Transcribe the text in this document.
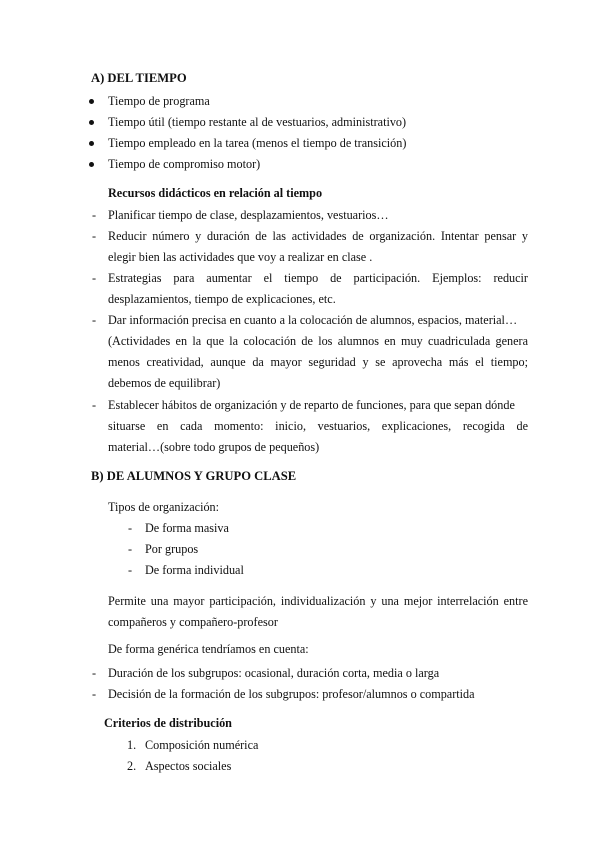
A) DEL TIEMPO
Tiempo de programa
Tiempo útil (tiempo restante al de vestuarios, administrativo)
Tiempo empleado en la tarea (menos el tiempo de transición)
Tiempo de compromiso motor)
Recursos didácticos en relación al tiempo
- Planificar tiempo de clase, desplazamientos, vestuarios…
- Reducir número y duración de las actividades de organización. Intentar pensar y
elegir bien las actividades que voy a realizar en clase .
- Estrategias para aumentar el tiempo de participación. Ejemplos: reducir
desplazamientos, tiempo de explicaciones, etc.
- Dar información precisa en cuanto a la colocación de alumnos, espacios, material…
(Actividades en la que la colocación de los alumnos en muy cuadriculada genera
menos creatividad, aunque da mayor seguridad y se aprovecha más el tiempo;
debemos de equilibrar)
- Establecer hábitos de organización y de reparto de funciones, para que sepan dónde
situarse en cada momento: inicio, vestuarios, explicaciones, recogida de
material…(sobre todo grupos de pequeños)
B) DE ALUMNOS Y GRUPO CLASE
Tipos de organización:
- De forma masiva
- Por grupos
- De forma individual
Permite una mayor participación, individualización y una mejor interrelación entre
compañeros y compañero-profesor
De forma genérica tendríamos en cuenta:
- Duración de los subgrupos: ocasional, duración corta, media o larga
- Decisión de la formación de los subgrupos: profesor/alumnos o compartida
Criterios de distribución
1. Composición numérica
2. Aspectos sociales
